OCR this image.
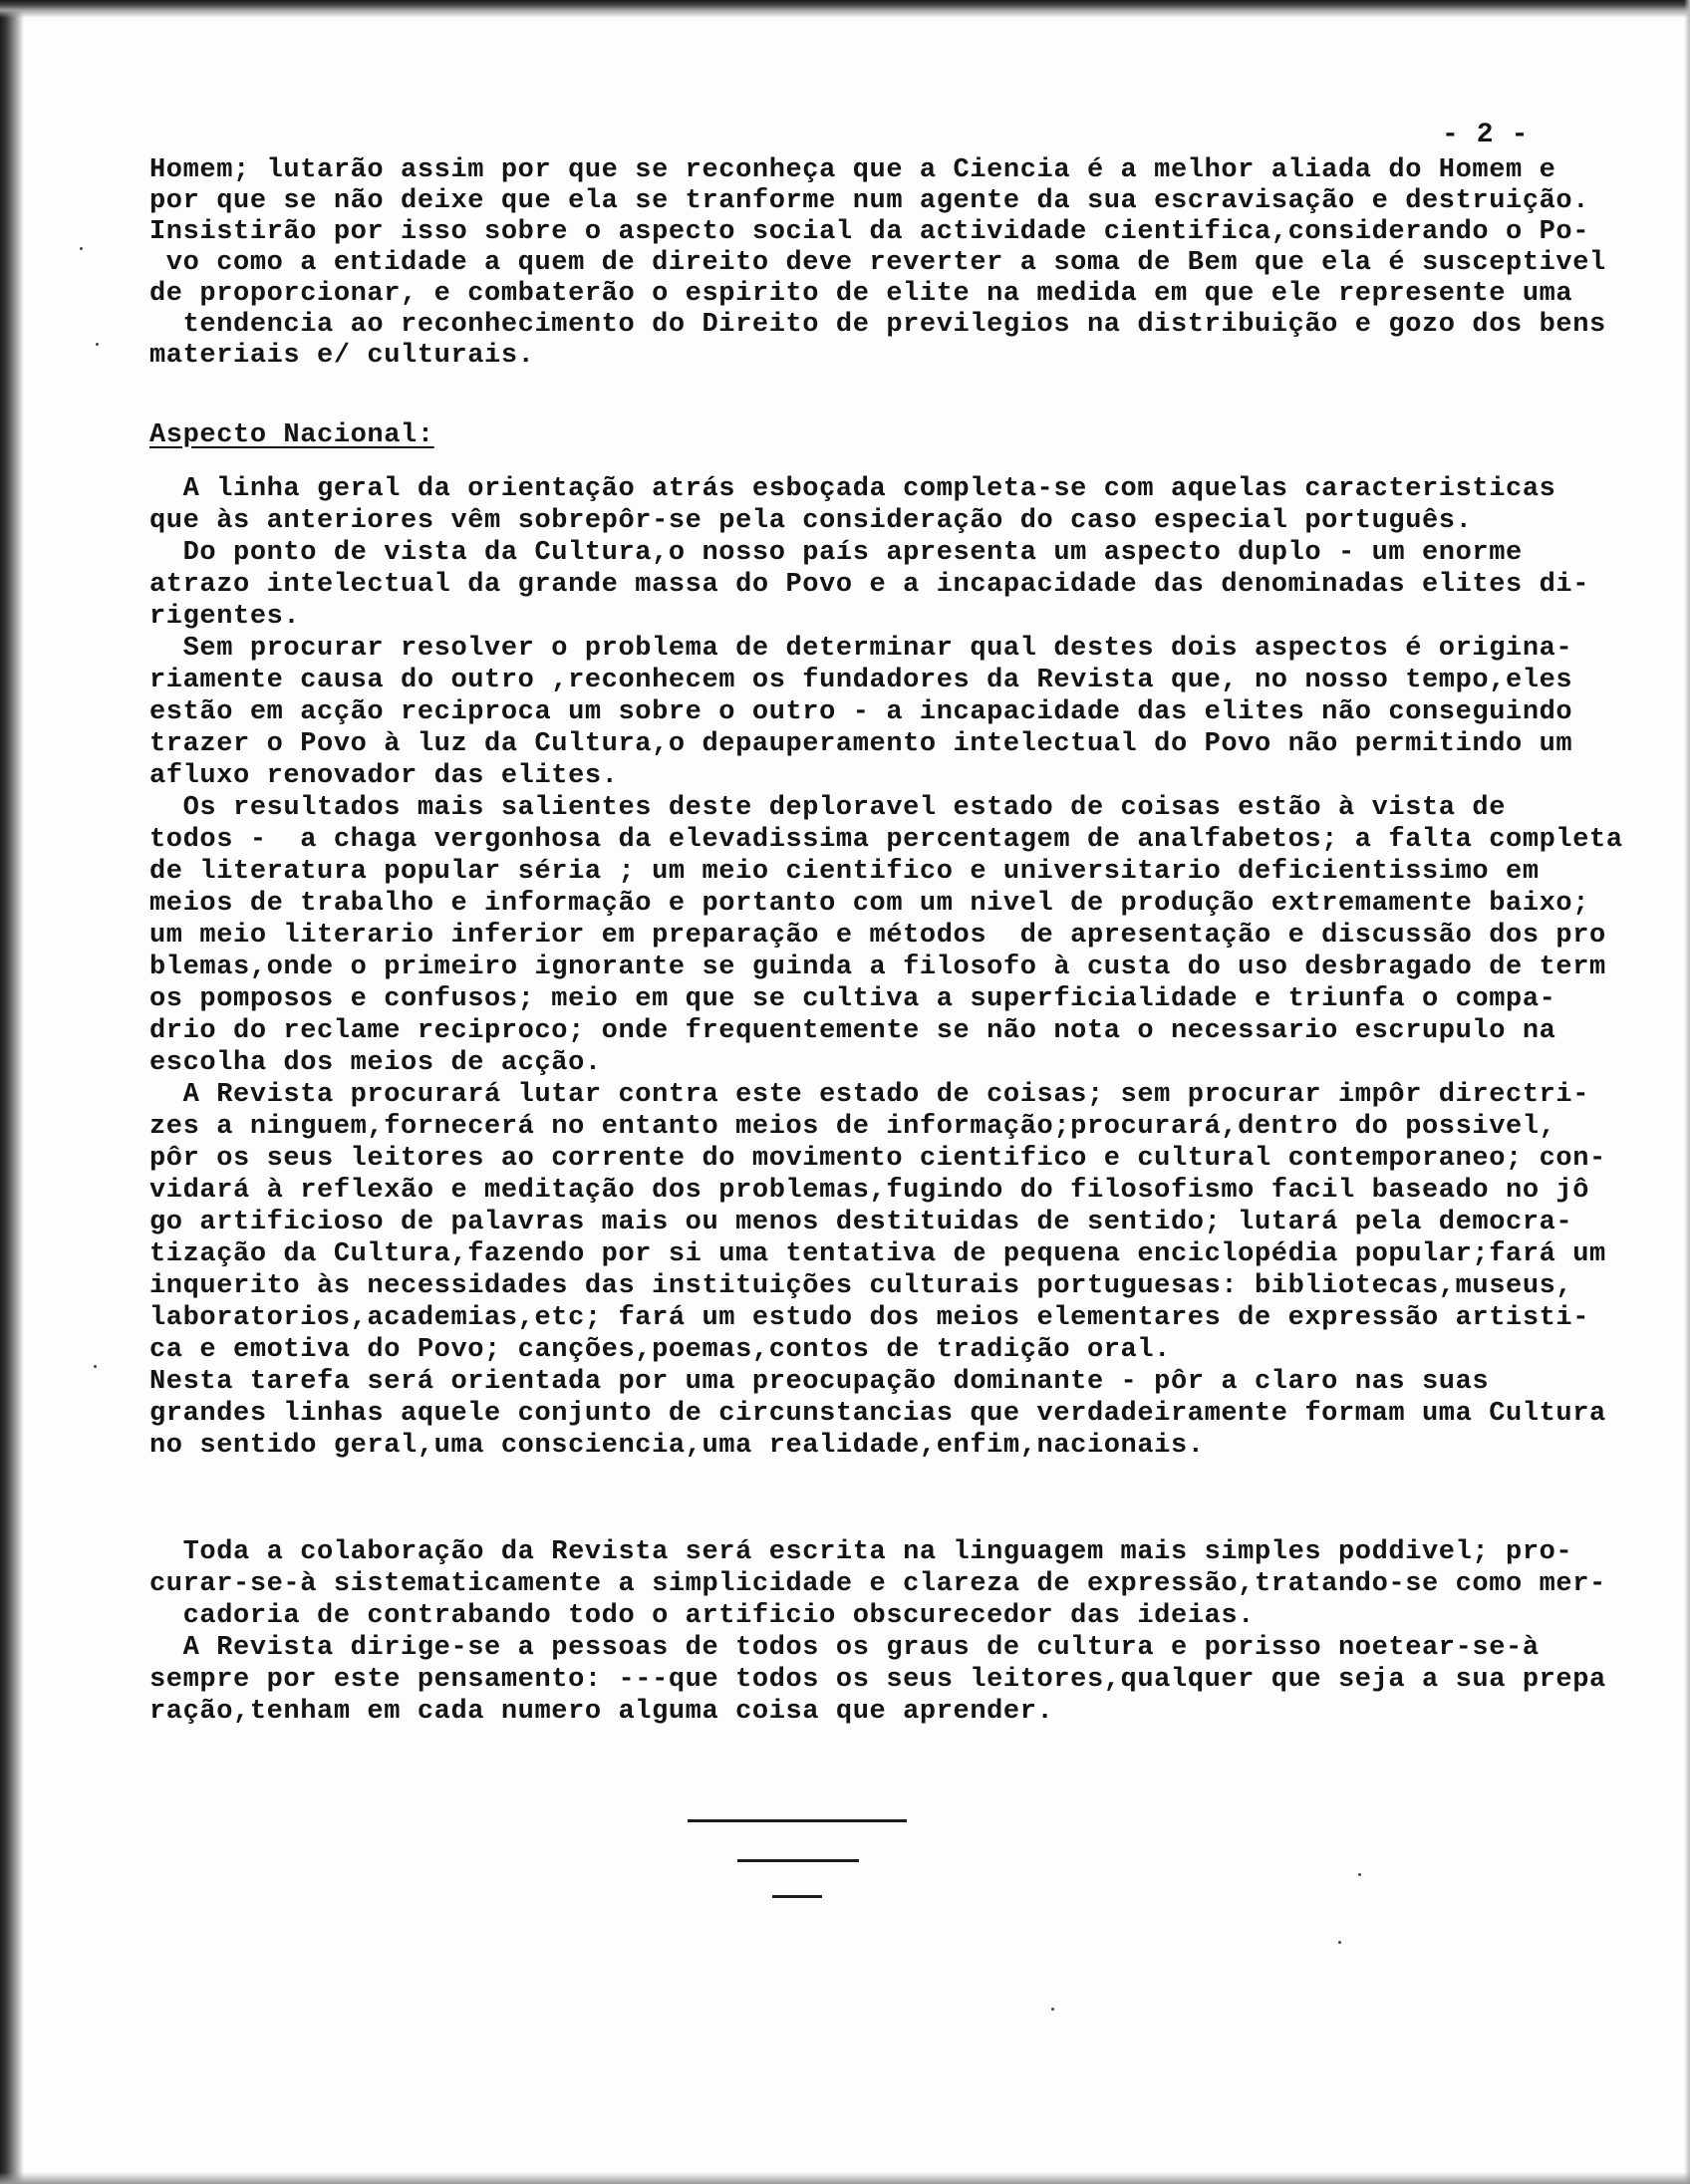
- 2 -

Homem; lutarão assim por que se reconheça que a Ciencia é a melhor aliada do Homem e

por que se não deixe que ela se tranforme num agente da sua escravisação e destruição.

Insistirão por isso sobre o aspecto social da actividade cientifica,considerando o Po-

vo como a entidade a quem de direito deve reverter a soma de Bem que ela é susceptivel

de proporcionar, e combaterão o espirito de elite na medida em que ele represente uma

tendencia ao reconhecimento do Direito de previlegios na distribuição e gozo dos bens

materiais e/ culturais.

Aspecto Nacional:

A linha geral da orientação atrás esboçada completa-se com aquelas caracteristicas

que às anteriores vêm sobrepôr-se pela consideração do caso especial português.

Do ponto de vista da Cultura,o nosso país apresenta um aspecto duplo - um enorme

atrazo intelectual da grande massa do Povo e a incapacidade das denominadas elites di-

rigentes.

Sem procurar resolver o problema de determinar qual destes dois aspectos é origina-

riamente causa do outro ,reconhecem os fundadores da Revista que, no nosso tempo,eles

estão em acção reciproca um sobre o outro - a incapacidade das elites não conseguindo

trazer o Povo à luz da Cultura,o depauperamento intelectual do Povo não permitindo um

afluxo renovador das elites.

Os resultados mais salientes deste deploravel estado de coisas estão à vista de

todos -  a chaga vergonhosa da elevadissima percentagem de analfabetos; a falta completa

de literatura popular séria ; um meio cientifico e universitario deficientissimo em

meios de trabalho e informação e portanto com um nivel de produção extremamente baixo;

um meio literario inferior em preparação e métodos  de apresentação e discussão dos pro

blemas,onde o primeiro ignorante se guinda a filosofo à custa do uso desbragado de term

os pomposos e confusos; meio em que se cultiva a superficialidade e triunfa o compa-

drio do reclame reciproco; onde frequentemente se não nota o necessario escrupulo na

escolha dos meios de acção.

A Revista procurará lutar contra este estado de coisas; sem procurar impôr directri-

zes a ninguem,fornecerá no entanto meios de informação;procurará,dentro do possivel,

pôr os seus leitores ao corrente do movimento cientifico e cultural contemporaneo; con-

vidará à reflexão e meditação dos problemas,fugindo do filosofismo facil baseado no jô

go artificioso de palavras mais ou menos destituidas de sentido; lutará pela democra-

tização da Cultura,fazendo por si uma tentativa de pequena enciclopédia popular;fará um

inquerito às necessidades das instituições culturais portuguesas: bibliotecas,museus,

laboratorios,academias,etc; fará um estudo dos meios elementares de expressão artisti-

ca e emotiva do Povo; canções,poemas,contos de tradição oral.

Nesta tarefa será orientada por uma preocupação dominante - pôr a claro nas suas

grandes linhas aquele conjunto de circunstancias que verdadeiramente formam uma Cultura

no sentido geral,uma consciencia,uma realidade,enfim,nacionais.

Toda a colaboração da Revista será escrita na linguagem mais simples poddivel; pro-

curar-se-à sistematicamente a simplicidade e clareza de expressão,tratando-se como mer-

cadoria de contrabando todo o artificio obscurecedor das ideias.

A Revista dirige-se a pessoas de todos os graus de cultura e porisso noetear-se-à

sempre por este pensamento: ---que todos os seus leitores,qualquer que seja a sua prepa

ração,tenham em cada numero alguma coisa que aprender.
